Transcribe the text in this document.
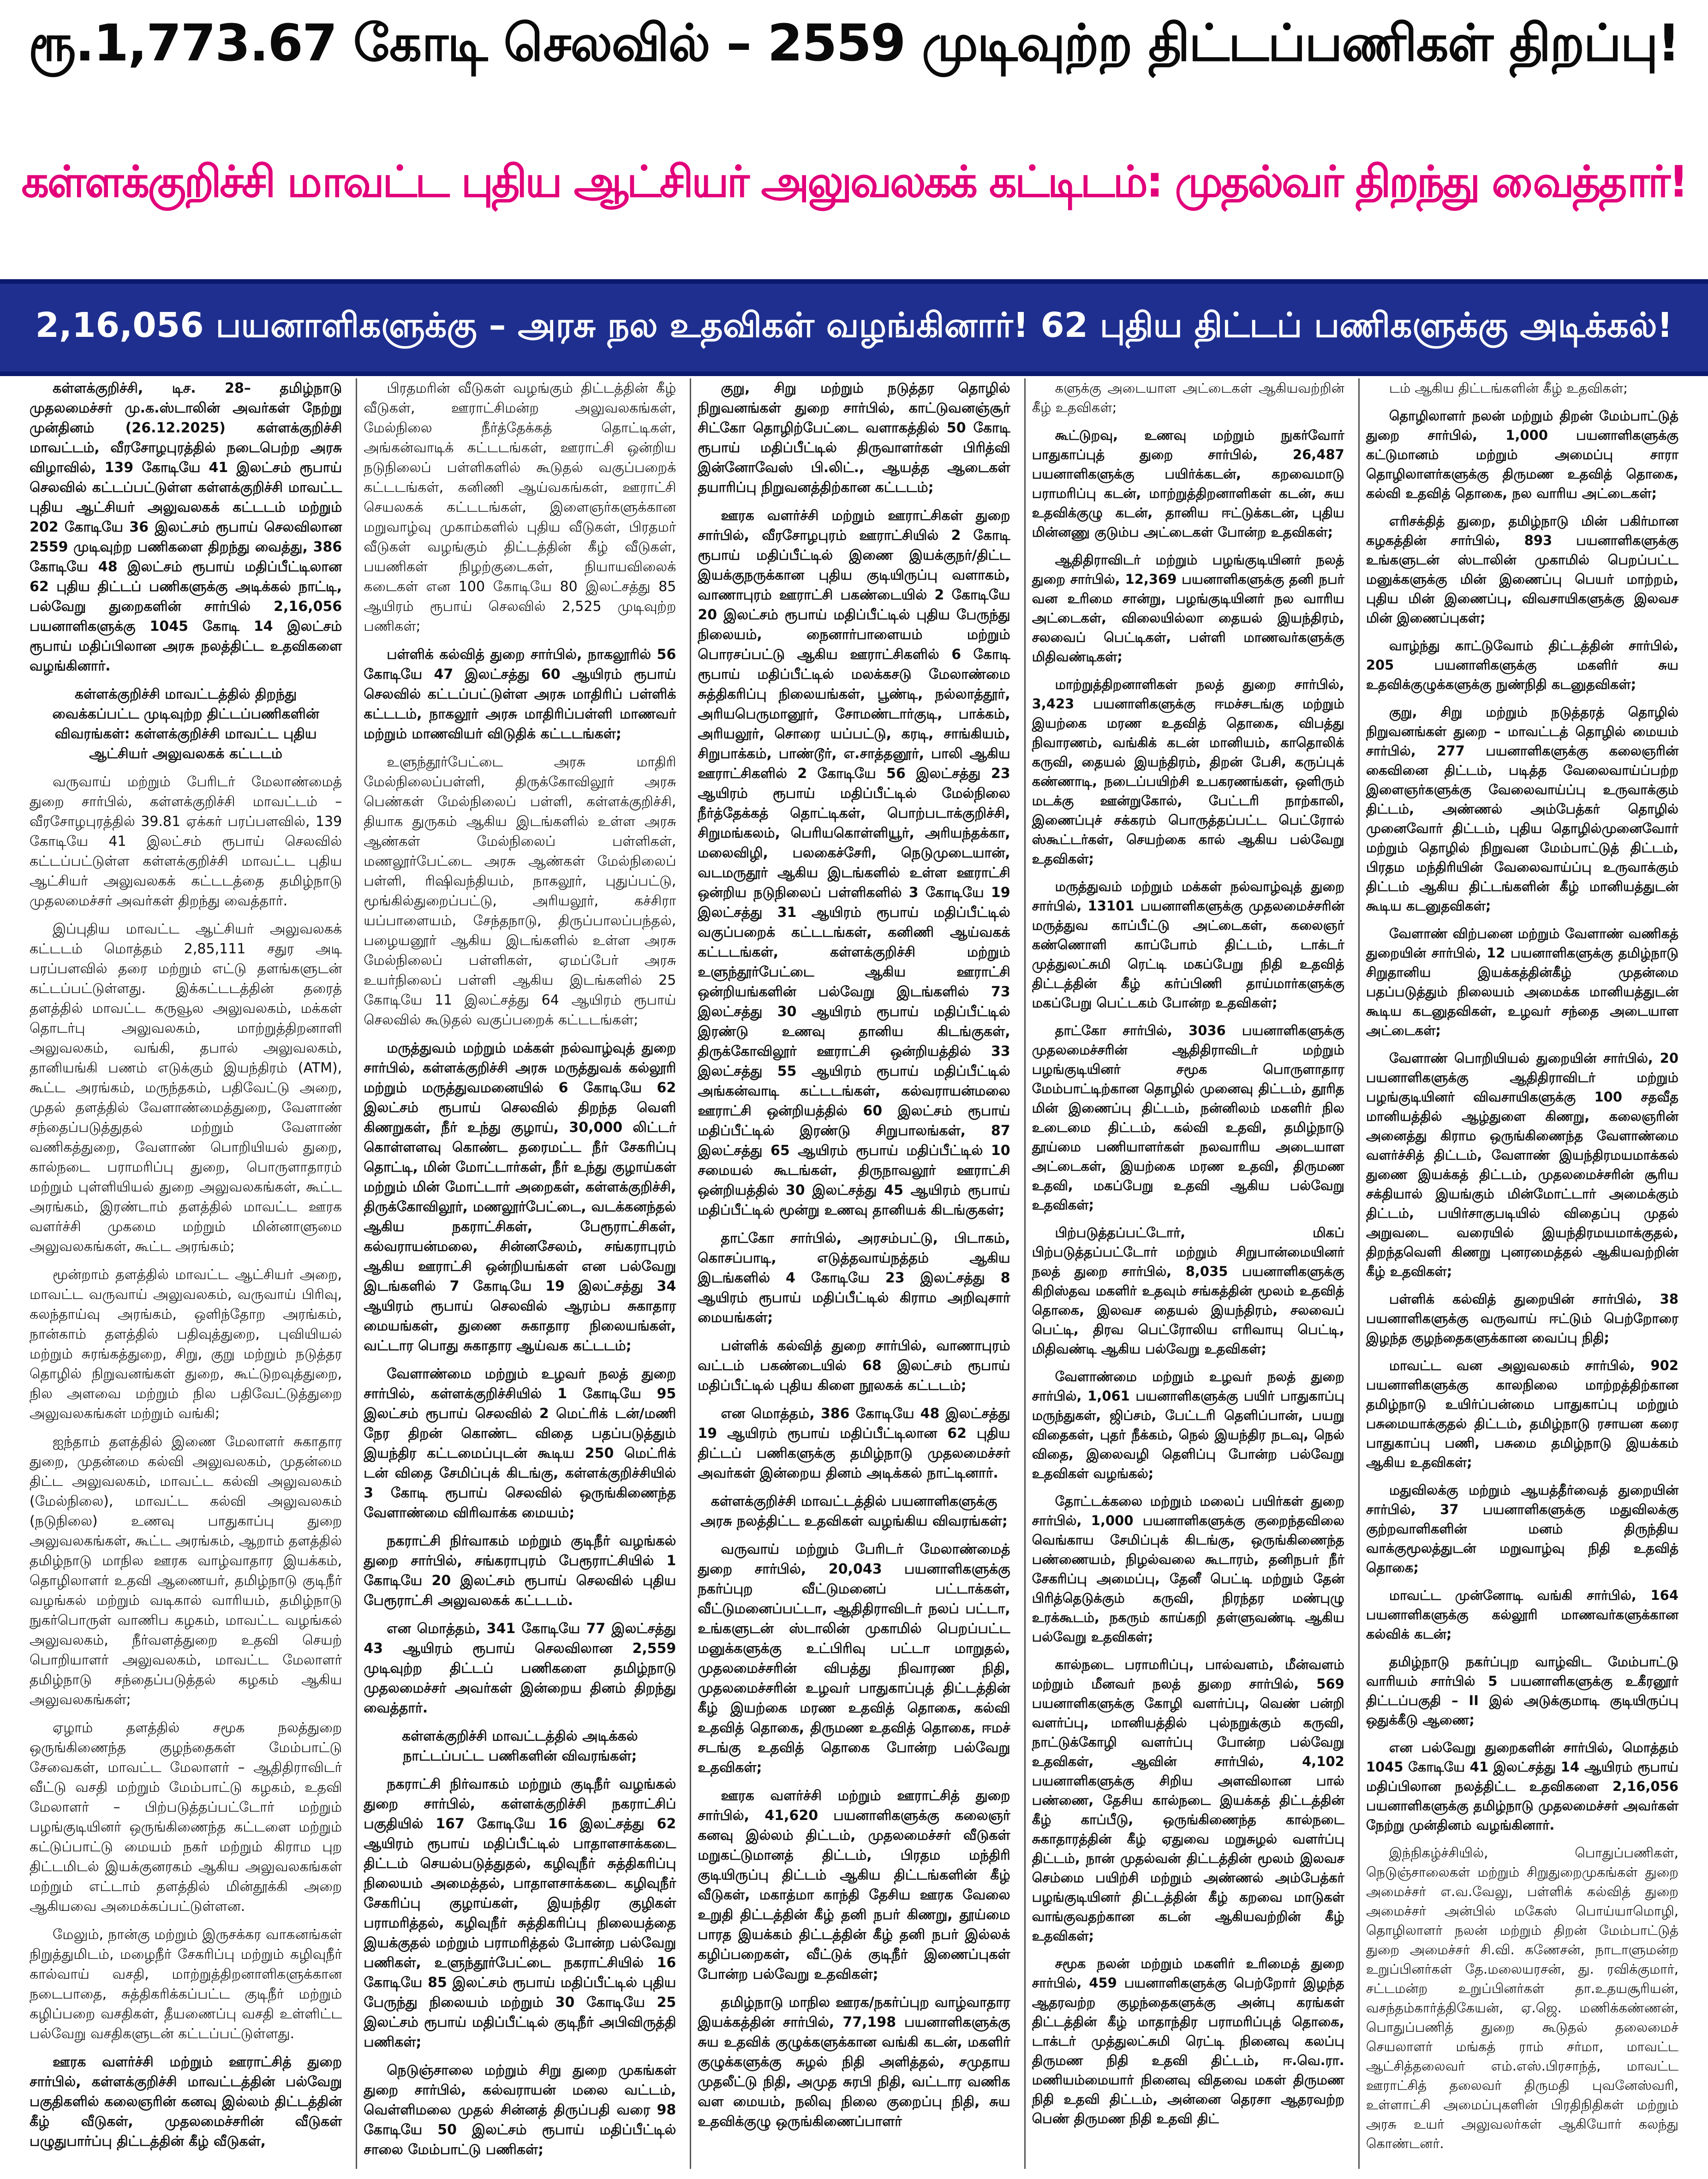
ரூ.1,773.67 கோடி செலவில் – 2559 முடிவுற்ற திட்டப்பணிகள் திறப்பு!
கள்ளக்குறிச்சி மாவட்ட புதிய ஆட்சியர் அலுவலகக் கட்டிடம்: முதல்வர் திறந்து வைத்தார்!
2,16,056 பயனாளிகளுக்கு – அரசு நல உதவிகள் வழங்கினார்! 62 புதிய திட்டப் பணிகளுக்கு அடிக்கல்!

கள்ளக்குறிச்சி, டிச. 28– தமிழ்நாடு முதலமைச்சர் மு.க.ஸ்டாலின் அவர்கள் நேற்று முன்தினம் (26.12.2025) கள்ளக்குறிச்சி மாவட்டம், வீரசோழபுரத்தில் நடைபெற்ற அரசு விழாவில், 139 கோடியே 41 இலட்சம் ரூபாய் செலவில் கட்டப்பட்டுள்ள கள்ளக்குறிச்சி மாவட்ட புதிய ஆட்சியர் அலுவலகக் கட்டடம் மற்றும் 202 கோடியே 36 இலட்சம் ரூபாய் செலவிலான 2559 முடிவுற்ற பணிகளை திறந்து வைத்து, 386 கோடியே 48 இலட்சம் ரூபாய் மதிப்பீட்டிலான 62 புதிய திட்டப் பணிகளுக்கு அடிக்கல் நாட்டி, பல்வேறு துறைகளின் சார்பில் 2,16,056 பயனாளிகளுக்கு 1045 கோடி 14 இலட்சம் ரூபாய் மதிப்பிலான அரசு நலத்திட்ட உதவிகளை வழங்கினார்.

கள்ளக்குறிச்சி மாவட்டத்தில் திறந்து வைக்கப்பட்ட முடிவுற்ற திட்டப்பணிகளின் விவரங்கள்: கள்ளக்குறிச்சி மாவட்ட புதிய ஆட்சியர் அலுவலகக் கட்டடம்

வருவாய் மற்றும் பேரிடர் மேலாண்மைத் துறை சார்பில், கள்ளக்குறிச்சி மாவட்டம் – வீரசோழபுரத்தில் 39.81 ஏக்கர் பரப்பளவில், 139 கோடியே 41 இலட்சம் ரூபாய் செலவில் கட்டப்பட்டுள்ள கள்ளக்குறிச்சி மாவட்ட புதிய ஆட்சியர் அலுவலகக் கட்டடத்தை தமிழ்நாடு முதலமைச்சர் அவர்கள் திறந்து வைத்தார்.

இப்புதிய மாவட்ட ஆட்சியர் அலுவலகக் கட்டடம் மொத்தம் 2,85,111 சதுர அடி பரப்பளவில் தரை மற்றும் எட்டு தளங்களுடன் கட்டப்பட்டுள்ளது. இக்கட்டடத்தின் தரைத் தளத்தில் மாவட்ட கருவூல அலுவலகம், மக்கள் தொடர்பு அலுவலகம், மாற்றுத்திறனாளி அலுவலகம், வங்கி, தபால் அலுவலகம், தானியங்கி பணம் எடுக்கும் இயந்திரம் (ATM), கூட்ட அரங்கம், மருந்தகம், பதிவேட்டு அறை, முதல் தளத்தில் வேளாண்மைத்துறை, வேளாண் சந்தைப்படுத்துதல் மற்றும் வேளாண் வணிகத்துறை, வேளாண் பொறியியல் துறை, கால்நடை பராமரிப்பு துறை, பொருளாதாரம் மற்றும் புள்ளியியல் துறை அலுவலகங்கள், கூட்ட அரங்கம், இரண்டாம் தளத்தில் மாவட்ட ஊரக வளர்ச்சி முகமை மற்றும் மின்னாளுமை அலுவலகங்கள், கூட்ட அரங்கம்;

மூன்றாம் தளத்தில் மாவட்ட ஆட்சியர் அறை, மாவட்ட வருவாய் அலுவலகம், வருவாய் பிரிவு, கலந்தாய்வு அரங்கம், ஒளிந்தோற அரங்கம், நான்காம் தளத்தில் பதிவுத்துறை, புவியியல் மற்றும் சுரங்கத்துறை, சிறு, குறு மற்றும் நடுத்தர தொழில் நிறுவனங்கள் துறை, கூட்டுறவுத்துறை, நில அளவை மற்றும் நில பதிவேட்டுத்துறை அலுவலகங்கள் மற்றும் வங்கி;

ஐந்தாம் தளத்தில் இணை மேலாளர் சுகாதார துறை, முதன்மை கல்வி அலுவலகம், முதன்மை திட்ட அலுவலகம், மாவட்ட கல்வி அலுவலகம் (மேல்நிலை), மாவட்ட கல்வி அலுவலகம் (நடுநிலை) உணவு பாதுகாப்பு துறை அலுவலகங்கள், கூட்ட அரங்கம், ஆறாம் தளத்தில் தமிழ்நாடு மாநில ஊரக வாழ்வாதார இயக்கம், தொழிலாளர் உதவி ஆணையர், தமிழ்நாடு குடிநீர் வழங்கல் மற்றும் வடிகால் வாரியம், தமிழ்நாடு நுகர்பொருள் வாணிப கழகம், மாவட்ட வழங்கல் அலுவலகம், நீர்வளத்துறை உதவி செயற் பொறியாளர் அலுவலகம், மாவட்ட மேலாளர் தமிழ்நாடு சந்தைப்படுத்தல் கழகம் ஆகிய அலுவலகங்கள்;

ஏழாம் தளத்தில் சமூக நலத்துறை ஒருங்கிணைந்த குழந்தைகள் மேம்பாட்டு சேவைகள், மாவட்ட மேலாளர் – ஆதிதிராவிடர் வீட்டு வசதி மற்றும் மேம்பாட்டு கழகம், உதவி மேலாளர் – பிற்படுத்தப்பட்டோர் மற்றும் பழங்குடியினர் ஒருங்கிணைந்த கட்டளை மற்றும் கட்டுப்பாட்டு மையம் நகர் மற்றும் கிராம புற திட்டமிடல் இயக்குனரகம் ஆகிய அலுவலகங்கள் மற்றும் எட்டாம் தளத்தில் மின்தூக்கி அறை ஆகியவை அமைக்கப்பட்டுள்ளன.

மேலும், நான்கு மற்றும் இருசக்கர வாகனங்கள் நிறுத்துமிடம், மழைநீர் சேகரிப்பு மற்றும் கழிவுநீர் கால்வாய் வசதி, மாற்றுத்திறனாளிகளுக்கான நடைபாதை, சுத்திகரிக்கப்பட்ட குடிநீர் மற்றும் கழிப்பறை வசதிகள், தீயணைப்பு வசதி உள்ளிட்ட பல்வேறு வசதிகளுடன் கட்டப்பட்டுள்ளது.

ஊரக வளர்ச்சி மற்றும் ஊராட்சித் துறை சார்பில், கள்ளக்குறிச்சி மாவட்டத்தின் பல்வேறு பகுதிகளில் கலைஞரின் கனவு இல்லம் திட்டத்தின் கீழ் வீடுகள், முதலமைச்சரின் வீடுகள் பழுதுபார்ப்பு திட்டத்தின் கீழ் வீடுகள்,

பிரதமரின் வீடுகள் வழங்கும் திட்டத்தின் கீழ் வீடுகள், ஊராட்சிமன்ற அலுவலகங்கள், மேல்நிலை நீர்த்தேக்கத் தொட்டிகள், அங்கன்வாடிக் கட்டடங்கள், ஊராட்சி ஒன்றிய நடுநிலைப் பள்ளிகளில் கூடுதல் வகுப்பறைக் கட்டடங்கள், கனிணி ஆய்வகங்கள், ஊராட்சி செயலகக் கட்டடங்கள், இளைஞர்களுக்கான மறுவாழ்வு முகாம்களில் புதிய வீடுகள், பிரதமர் வீடுகள் வழங்கும் திட்டத்தின் கீழ் வீடுகள், பயணிகள் நிழற்குடைகள், நியாயவிலைக் கடைகள் என 100 கோடியே 80 இலட்சத்து 85 ஆயிரம் ரூபாய் செலவில் 2,525 முடிவுற்ற பணிகள்;

பள்ளிக் கல்வித் துறை சார்பில், நாகலூரில் 56 கோடியே 47 இலட்சத்து 60 ஆயிரம் ரூபாய் செலவில் கட்டப்பட்டுள்ள அரசு மாதிரிப் பள்ளிக் கட்டடம், நாகலூர் அரசு மாதிரிப்பள்ளி மாணவர் மற்றும் மாணவியர் விடுதிக் கட்டடங்கள்;

உளுந்தூர்பேட்டை அரசு மாதிரி மேல்நிலைப்பள்ளி, திருக்கோவிலூர் அரசு பெண்கள் மேல்நிலைப் பள்ளி, கள்ளக்குறிச்சி, தியாக துருகம் ஆகிய இடங்களில் உள்ள அரசு ஆண்கள் மேல்நிலைப் பள்ளிகள், மணலூர்பேட்டை அரசு ஆண்கள் மேல்நிலைப் பள்ளி, ரிஷிவந்தியம், நாகலூர், புதுப்பட்டு, மூங்கில்துறைப்பட்டு, அரியலூர், கச்சிரா யப்பாளையம், சேந்தநாடு, திருப்பாலப்பந்தல், பழையனூர் ஆகிய இடங்களில் உள்ள அரசு மேல்நிலைப் பள்ளிகள், ஏமப்பேர் அரசு உயர்நிலைப் பள்ளி ஆகிய இடங்களில் 25 கோடியே 11 இலட்சத்து 64 ஆயிரம் ரூபாய் செலவில் கூடுதல் வகுப்பறைக் கட்டடங்கள்;

மருத்துவம் மற்றும் மக்கள் நல்வாழ்வுத் துறை சார்பில், கள்ளக்குறிச்சி அரசு மருத்துவக் கல்லூரி மற்றும் மருத்துவமனையில் 6 கோடியே 62 இலட்சம் ரூபாய் செலவில் திறந்த வெளி கிணறுகள், நீர் உந்து குழாய், 30,000 லிட்டர் கொள்ளளவு கொண்ட தரைமட்ட நீர் சேகரிப்பு தொட்டி, மின் மோட்டார்கள், நீர் உந்து குழாய்கள் மற்றும் மின் மோட்டார் அறைகள், கள்ளக்குறிச்சி, திருக்கோவிலூர், மணலூர்பேட்டை, வடக்கனந்தல் ஆகிய நகராட்சிகள், பேரூராட்சிகள், கல்வராயன்மலை, சின்னசேலம், சங்கராபுரம் ஆகிய ஊராட்சி ஒன்றியங்கள் என பல்வேறு இடங்களில் 7 கோடியே 19 இலட்சத்து 34 ஆயிரம் ரூபாய் செலவில் ஆரம்ப சுகாதார மையங்கள், துணை சுகாதார நிலையங்கள், வட்டார பொது சுகாதார ஆய்வக கட்டடம்;

வேளாண்மை மற்றும் உழவர் நலத் துறை சார்பில், கள்ளக்குறிச்சியில் 1 கோடியே 95 இலட்சம் ரூபாய் செலவில் 2 மெட்ரிக் டன்/மணி நேர திறன் கொண்ட விதை பதப்படுத்தும் இயந்திர கட்டமைப்புடன் கூடிய 250 மெட்ரிக் டன் விதை சேமிப்புக் கிடங்கு, கள்ளக்குறிச்சியில் 3 கோடி ரூபாய் செலவில் ஒருங்கிணைந்த வேளாண்மை விரிவாக்க மையம்;

நகராட்சி நிர்வாகம் மற்றும் குடிநீர் வழங்கல் துறை சார்பில், சங்கராபுரம் பேரூராட்சியில் 1 கோடியே 20 இலட்சம் ரூபாய் செலவில் புதிய பேரூராட்சி அலுவலகக் கட்டடம்.

என மொத்தம், 341 கோடியே 77 இலட்சத்து 43 ஆயிரம் ரூபாய் செலவிலான 2,559 முடிவுற்ற திட்டப் பணிகளை தமிழ்நாடு முதலமைச்சர் அவர்கள் இன்றைய தினம் திறந்து வைத்தார்.

கள்ளக்குறிச்சி மாவட்டத்தில் அடிக்கல் நாட்டப்பட்ட பணிகளின் விவரங்கள்;

நகராட்சி நிர்வாகம் மற்றும் குடிநீர் வழங்கல் துறை சார்பில், கள்ளக்குறிச்சி நகராட்சிப் பகுதியில் 167 கோடியே 16 இலட்சத்து 62 ஆயிரம் ரூபாய் மதிப்பீட்டில் பாதாளசாக்கடை திட்டம் செயல்படுத்துதல், கழிவுநீர் சுத்திகரிப்பு நிலையம் அமைத்தல், பாதாளசாக்கடை கழிவுநீர் சேகரிப்பு குழாய்கள், இயந்திர குழிகள் பராமரித்தல், கழிவுநீர் சுத்திகரிப்பு நிலையத்தை இயக்குதல் மற்றும் பராமரித்தல் போன்ற பல்வேறு பணிகள், உளுந்தூர்பேட்டை நகராட்சியில் 16 கோடியே 85 இலட்சம் ரூபாய் மதிப்பீட்டில் புதிய பேருந்து நிலையம் மற்றும் 30 கோடியே 25 இலட்சம் ரூபாய் மதிப்பீட்டில் குடிநீர் அபிவிருத்தி பணிகள்;

நெடுஞ்சாலை மற்றும் சிறு துறை முகங்கள் துறை சார்பில், கல்வராயன் மலை வட்டம், வெள்ளிமலை முதல் சின்னத் திருப்பதி வரை 98 கோடியே 50 இலட்சம் ரூபாய் மதிப்பீட்டில் சாலை மேம்பாட்டு பணிகள்;

குறு, சிறு மற்றும் நடுத்தர தொழில் நிறுவனங்கள் துறை சார்பில், காட்டுவனஞ்சூர் சிட்கோ தொழிற்பேட்டை வளாகத்தில் 50 கோடி ரூபாய் மதிப்பீட்டில் திருவாளர்கள் பிரித்வி இன்னோவேஸ் பி.லிட்., ஆயத்த ஆடைகள் தயாரிப்பு நிறுவனத்திற்கான கட்டடம்;

ஊரக வளர்ச்சி மற்றும் ஊராட்சிகள் துறை சார்பில், வீரசோழபுரம் ஊராட்சியில் 2 கோடி ரூபாய் மதிப்பீட்டில் இணை இயக்குநர்/திட்ட இயக்குநருக்கான புதிய குடியிருப்பு வளாகம், வாணாபுரம் ஊராட்சி பகண்டையில் 2 கோடியே 20 இலட்சம் ரூபாய் மதிப்பீட்டில் புதிய பேருந்து நிலையம், நைனார்பாளையம் மற்றும் பொரசப்பட்டு ஆகிய ஊராட்சிகளில் 6 கோடி ரூபாய் மதிப்பீட்டில் மலக்கசடு மேலாண்மை சுத்திகரிப்பு நிலையங்கள், பூண்டி, நல்லாத்தூர், அரியபெருமானூர், சோமண்டார்குடி, பாக்கம், அரியலூர், சொரை யப்பட்டு, கரடி, சாங்கியம், சிறுபாக்கம், பாண்டூர், எ.சாத்தனூர், பாலி ஆகிய ஊராட்சிகளில் 2 கோடியே 56 இலட்சத்து 23 ஆயிரம் ரூபாய் மதிப்பீட்டில் மேல்நிலை நீர்த்தேக்கத் தொட்டிகள், பொற்படாக்குறிச்சி, சிறுமங்கலம், பெரியகொள்ளியூர், அரியந்தக்கா, மலைவிழி, பலகைச்சேரி, நெடுமுடையான், வடமருதூர் ஆகிய இடங்களில் உள்ள ஊராட்சி ஒன்றிய நடுநிலைப் பள்ளிகளில் 3 கோடியே 19 இலட்சத்து 31 ஆயிரம் ரூபாய் மதிப்பீட்டில் வகுப்பறைக் கட்டடங்கள், கனிணி ஆய்வகக் கட்டடங்கள், கள்ளக்குறிச்சி மற்றும் உளுந்தூர்பேட்டை ஆகிய ஊராட்சி ஒன்றியங்களின் பல்வேறு இடங்களில் 73 இலட்சத்து 30 ஆயிரம் ரூபாய் மதிப்பீட்டில் இரண்டு உணவு தானிய கிடங்குகள், திருக்கோவிலூர் ஊராட்சி ஒன்றியத்தில் 33 இலட்சத்து 55 ஆயிரம் ரூபாய் மதிப்பீட்டில் அங்கன்வாடி கட்டடங்கள், கல்வராயன்மலை ஊராட்சி ஒன்றியத்தில் 60 இலட்சம் ரூபாய் மதிப்பீட்டில் இரண்டு சிறுபாலங்கள், 87 இலட்சத்து 65 ஆயிரம் ரூபாய் மதிப்பீட்டில் 10 சமையல் கூடங்கள், திருநாவலூர் ஊராட்சி ஒன்றியத்தில் 30 இலட்சத்து 45 ஆயிரம் ரூபாய் மதிப்பீட்டில் மூன்று உணவு தானியக் கிடங்குகள்;

தாட்கோ சார்பில், அரசம்பட்டு, பிடாகம், கொசப்பாடி, எடுத்தவாய்நத்தம் ஆகிய இடங்களில் 4 கோடியே 23 இலட்சத்து 8 ஆயிரம் ரூபாய் மதிப்பீட்டில் கிராம அறிவுசார் மையங்கள்;

பள்ளிக் கல்வித் துறை சார்பில், வாணாபுரம் வட்டம் பகண்டையில் 68 இலட்சம் ரூபாய் மதிப்பீட்டில் புதிய கிளை நூலகக் கட்டடம்;

என மொத்தம், 386 கோடியே 48 இலட்சத்து 19 ஆயிரம் ரூபாய் மதிப்பீட்டிலான 62 புதிய திட்டப் பணிகளுக்கு தமிழ்நாடு முதலமைச்சர் அவர்கள் இன்றைய தினம் அடிக்கல் நாட்டினார்.

கள்ளக்குறிச்சி மாவட்டத்தில் பயனாளிகளுக்கு அரசு நலத்திட்ட உதவிகள் வழங்கிய விவரங்கள்;

வருவாய் மற்றும் பேரிடர் மேலாண்மைத் துறை சார்பில், 20,043 பயனாளிகளுக்கு நகர்ப்புற வீட்டுமனைப் பட்டாக்கள், வீட்டுமனைப்பட்டா, ஆதிதிராவிடர் நலப் பட்டா, உங்களுடன் ஸ்டாலின் முகாமில் பெறப்பட்ட மனுக்களுக்கு உட்பிரிவு பட்டா மாறுதல், முதலமைச்சரின் விபத்து நிவாரண நிதி, முதலமைச்சரின் உழவர் பாதுகாப்புத் திட்டத்தின் கீழ் இயற்கை மரண உதவித் தொகை, கல்வி உதவித் தொகை, திருமண உதவித் தொகை, ஈமச் சடங்கு உதவித் தொகை போன்ற பல்வேறு உதவிகள்;

ஊரக வளர்ச்சி மற்றும் ஊராட்சித் துறை சார்பில், 41,620 பயனாளிகளுக்கு கலைஞர் கனவு இல்லம் திட்டம், முதலமைச்சர் வீடுகள் மறுகட்டுமானத் திட்டம், பிரதம மந்திரி குடியிருப்பு திட்டம் ஆகிய திட்டங்களின் கீழ் வீடுகள், மகாத்மா காந்தி தேசிய ஊரக வேலை உறுதி திட்டத்தின் கீழ் தனி நபர் கிணறு, தூய்மை பாரத இயக்கம் திட்டத்தின் கீழ் தனி நபர் இல்லக் கழிப்பறைகள், வீட்டுக் குடிநீர் இணைப்புகள் போன்ற பல்வேறு உதவிகள்;

தமிழ்நாடு மாநில ஊரக/நகர்ப்புற வாழ்வாதார இயக்கத்தின் சார்பில், 77,198 பயனாளிகளுக்கு சுய உதவிக் குழுக்களுக்கான வங்கி கடன், மகளிர் குழுக்களுக்கு சுழல் நிதி அளித்தல், சமுதாய முதலீட்டு நிதி, அமுத சுரபி நிதி, வட்டார வணிக வள மையம், நலிவு நிலை குறைப்பு நிதி, சுய உதவிக்குழு ஒருங்கிணைப்பாளர்

களுக்கு அடையாள அட்டைகள் ஆகியவற்றின் கீழ் உதவிகள்;

கூட்டுறவு, உணவு மற்றும் நுகர்வோர் பாதுகாப்புத் துறை சார்பில், 26,487 பயனாளிகளுக்கு பயிர்க்கடன், கறவைமாடு பராமரிப்பு கடன், மாற்றுத்திறனாளிகள் கடன், சுய உதவிக்குழு கடன், தானிய ஈட்டுக்கடன், புதிய மின்னணு குடும்ப அட்டைகள் போன்ற உதவிகள்;

ஆதிதிராவிடர் மற்றும் பழங்குடியினர் நலத் துறை சார்பில், 12,369 பயனாளிகளுக்கு தனி நபர் வன உரிமை சான்று, பழங்குடியினர் நல வாரிய அட்டைகள், விலையில்லா தையல் இயந்திரம், சலவைப் பெட்டிகள், பள்ளி மாணவர்களுக்கு மிதிவண்டிகள்;

மாற்றுத்திறனாளிகள் நலத் துறை சார்பில், 3,423 பயனாளிகளுக்கு ஈமச்சடங்கு மற்றும் இயற்கை மரண உதவித் தொகை, விபத்து நிவாரணம், வங்கிக் கடன் மானியம், காதொலிக் கருவி, தையல் இயந்திரம், திறன் பேசி, கருப்புக் கண்ணாடி, நடைப்பயிற்சி உபகரணங்கள், ஒளிரும் மடக்கு ஊன்றுகோல், பேட்டரி நாற்காலி, இணைப்புச் சக்கரம் பொருத்தப்பட்ட பெட்ரோல் ஸ்கூட்டர்கள், செயற்கை கால் ஆகிய பல்வேறு உதவிகள்;

மருத்துவம் மற்றும் மக்கள் நல்வாழ்வுத் துறை சார்பில், 13101 பயனாளிகளுக்கு முதலமைச்சரின் மருத்துவ காப்பீட்டு அட்டைகள், கலைஞர் கண்ணொளி காப்போம் திட்டம், டாக்டர் முத்துலட்சுமி ரெட்டி மகப்பேறு நிதி உதவித் திட்டத்தின் கீழ் கர்ப்பிணி தாய்மார்களுக்கு மகப்பேறு பெட்டகம் போன்ற உதவிகள்;

தாட்கோ சார்பில், 3036 பயனாளிகளுக்கு முதலமைச்சரின் ஆதிதிராவிடர் மற்றும் பழங்குடியினர் சமூக பொருளாதார மேம்பாட்டிற்கான தொழில் முனைவு திட்டம், தூரித மின் இணைப்பு திட்டம், நன்னிலம் மகளிர் நில உடைமை திட்டம், கல்வி உதவி, தமிழ்நாடு தூய்மை பணியாளர்கள் நலவாரிய அடையாள அட்டைகள், இயற்கை மரண உதவி, திருமண உதவி, மகப்பேறு உதவி ஆகிய பல்வேறு உதவிகள்;

பிற்படுத்தப்பட்டோர், மிகப் பிற்படுத்தப்பட்டோர் மற்றும் சிறுபான்மையினர் நலத் துறை சார்பில், 8,035 பயனாளிகளுக்கு கிறிஸ்தவ மகளிர் உதவும் சங்கத்தின் மூலம் உதவித் தொகை, இலவச தையல் இயந்திரம், சலவைப் பெட்டி, திரவ பெட்ரோலிய எரிவாயு பெட்டி, மிதிவண்டி ஆகிய பல்வேறு உதவிகள்;

வேளாண்மை மற்றும் உழவர் நலத் துறை சார்பில், 1,061 பயனாளிகளுக்கு பயிர் பாதுகாப்பு மருந்துகள், ஜிப்சம், பேட்டரி தெளிப்பான், பயறு விதைகள், புதர் நீக்கம், நெல் இயந்திர நடவு, நெல் விதை, இலைவழி தெளிப்பு போன்ற பல்வேறு உதவிகள் வழங்கல்;

தோட்டக்கலை மற்றும் மலைப் பயிர்கள் துறை சார்பில், 1,000 பயனாளிகளுக்கு குறைந்தவிலை வெங்காய சேமிப்புக் கிடங்கு, ஒருங்கிணைந்த பண்ணையம், நிழல்வலை கூடாரம், தனிநபர் நீர் சேகரிப்பு அமைப்பு, தேனீ பெட்டி மற்றும் தேன் பிரித்தெடுக்கும் கருவி, நிரந்தர மண்புழு உரக்கூடம், நகரும் காய்கறி தள்ளுவண்டி ஆகிய பல்வேறு உதவிகள்;

கால்நடை பராமரிப்பு, பால்வளம், மீன்வளம் மற்றும் மீனவர் நலத் துறை சார்பில், 569 பயனாளிகளுக்கு கோழி வளர்ப்பு, வெண் பன்றி வளர்ப்பு, மானியத்தில் புல்நறுக்கும் கருவி, நாட்டுக்கோழி வளர்ப்பு போன்ற பல்வேறு உதவிகள், ஆவின் சார்பில், 4,102 பயனாளிகளுக்கு சிறிய அளவிலான பால் பண்ணை, தேசிய கால்நடை இயக்கத் திட்டத்தின் கீழ் காப்பீடு, ஒருங்கிணைந்த கால்நடை சுகாதாரத்தின் கீழ் ஏதுவை மறுசுழல் வளர்ப்பு திட்டம், நான் முதல்வன் திட்டத்தின் மூலம் இலவச செம்மை பயிற்சி மற்றும் அண்ணல் அம்பேத்கர் பழங்குடியினர் திட்டத்தின் கீழ் கறவை மாடுகள் வாங்குவதற்கான கடன் ஆகியவற்றின் கீழ் உதவிகள்;

சமூக நலன் மற்றும் மகளிர் உரிமைத் துறை சார்பில், 459 பயனாளிகளுக்கு பெற்றோர் இழந்த ஆதரவற்ற குழந்தைகளுக்கு அன்பு கரங்கள் திட்டத்தின் கீழ் மாதாந்திர பராமரிப்புத் தொகை, டாக்டர் முத்துலட்சுமி ரெட்டி நினைவு கலப்பு திருமண நிதி உதவி திட்டம், ஈ.வெ.ரா. மணியம்மையார் நினைவு விதவை மகள் திருமண நிதி உதவி திட்டம், அன்னை தெரசா ஆதரவற்ற பெண் திருமண நிதி உதவி திட்

டம் ஆகிய திட்டங்களின் கீழ் உதவிகள்;

தொழிலாளர் நலன் மற்றும் திறன் மேம்பாட்டுத் துறை சார்பில், 1,000 பயனாளிகளுக்கு கட்டுமானம் மற்றும் அமைப்பு சாரா தொழிலாளர்களுக்கு திருமண உதவித் தொகை, கல்வி உதவித் தொகை, நல வாரிய அட்டைகள்;

எரிசக்தித் துறை, தமிழ்நாடு மின் பகிர்மான கழகத்தின் சார்பில், 893 பயனாளிகளுக்கு உங்களுடன் ஸ்டாலின் முகாமில் பெறப்பட்ட மனுக்களுக்கு மின் இணைப்பு பெயர் மாற்றம், புதிய மின் இணைப்பு, விவசாயிகளுக்கு இலவச மின் இணைப்புகள்;

வாழ்ந்து காட்டுவோம் திட்டத்தின் சார்பில், 205 பயனாளிகளுக்கு மகளிர் சுய உதவிக்குழுக்களுக்கு நுண்நிதி கடனுதவிகள்;

குறு, சிறு மற்றும் நடுத்தரத் தொழில் நிறுவனங்கள் துறை – மாவட்டத் தொழில் மையம் சார்பில், 277 பயனாளிகளுக்கு கலைஞரின் கைவினை திட்டம், படித்த வேலைவாய்ப்பற்ற இளைஞர்களுக்கு வேலைவாய்ப்பு உருவாக்கும் திட்டம், அண்ணல் அம்பேத்கர் தொழில் முனைவோர் திட்டம், புதிய தொழில்முனைவோர் மற்றும் தொழில் நிறுவன மேம்பாட்டுத் திட்டம், பிரதம மந்திரியின் வேலைவாய்ப்பு உருவாக்கும் திட்டம் ஆகிய திட்டங்களின் கீழ் மானியத்துடன் கூடிய கடனுதவிகள்;

வேளாண் விற்பனை மற்றும் வேளாண் வணிகத் துறையின் சார்பில், 12 பயனாளிகளுக்கு தமிழ்நாடு சிறுதானிய இயக்கத்தின்கீழ் முதன்மை பதப்படுத்தும் நிலையம் அமைக்க மானியத்துடன் கூடிய கடனுதவிகள், உழவர் சந்தை அடையாள அட்டைகள்;

வேளாண் பொறியியல் துறையின் சார்பில், 20 பயனாளிகளுக்கு ஆதிதிராவிடர் மற்றும் பழங்குடியினர் விவசாயிகளுக்கு 100 சதவீத மானியத்தில் ஆழ்துளை கிணறு, கலைஞரின் அனைத்து கிராம ஒருங்கிணைந்த வேளாண்மை வளர்ச்சித் திட்டம், வேளாண் இயந்திரமயமாக்கல் துணை இயக்கத் திட்டம், முதலமைச்சரின் சூரிய சக்தியால் இயங்கும் மின்மோட்டார் அமைக்கும் திட்டம், பயிர்சாகுபடியில் விதைப்பு முதல் அறுவடை வரையில் இயந்திரமயமாக்குதல், திறந்தவெளி கிணறு புனரமைத்தல் ஆகியவற்றின் கீழ் உதவிகள்;

பள்ளிக் கல்வித் துறையின் சார்பில், 38 பயனாளிகளுக்கு வருவாய் ஈட்டும் பெற்றோரை இழந்த குழந்தைகளுக்கான வைப்பு நிதி;

மாவட்ட வன அலுவலகம் சார்பில், 902 பயனாளிகளுக்கு காலநிலை மாற்றத்திற்கான தமிழ்நாடு உயிர்ப்பன்மை பாதுகாப்பு மற்றும் பசுமையாக்குதல் திட்டம், தமிழ்நாடு ரசாயன கரை பாதுகாப்பு பணி, பசுமை தமிழ்நாடு இயக்கம் ஆகிய உதவிகள்;

மதுவிலக்கு மற்றும் ஆயத்தீர்வைத் துறையின் சார்பில், 37 பயனாளிகளுக்கு மதுவிலக்கு குற்றவாளிகளின் மனம் திருந்திய வாக்குமூலத்துடன் மறுவாழ்வு நிதி உதவித் தொகை;

மாவட்ட முன்னோடி வங்கி சார்பில், 164 பயனாளிகளுக்கு கல்லூரி மாணவர்களுக்கான கல்விக் கடன்;

தமிழ்நாடு நகர்ப்புற வாழ்விட மேம்பாட்டு வாரியம் சார்பில் 5 பயனாளிகளுக்கு உகீரனூர் திட்டப்பகுதி – II இல் அடுக்குமாடி குடியிருப்பு ஒதுக்கீடு ஆணை;

என பல்வேறு துறைகளின் சார்பில், மொத்தம் 1045 கோடியே 41 இலட்சத்து 14 ஆயிரம் ரூபாய் மதிப்பிலான நலத்திட்ட உதவிகளை 2,16,056 பயனாளிகளுக்கு தமிழ்நாடு முதலமைச்சர் அவர்கள் நேற்று முன்தினம் வழங்கினார்.

இந்நிகழ்ச்சியில், பொதுப்பணிகள், நெடுஞ்சாலைகள் மற்றும் சிறுதுறைமுகங்கள் துறை அமைச்சர் எ.வ.வேலு, பள்ளிக் கல்வித் துறை அமைச்சர் அன்பில் மகேஸ் பொய்யாமொழி, தொழிலாளர் நலன் மற்றும் திறன் மேம்பாட்டுத் துறை அமைச்சர் சி.வி. கணேசன், நாடாளுமன்ற உறுப்பினர்கள் தே.மலையரசன், து. ரவிக்குமார், சட்டமன்ற உறுப்பினர்கள் தா.உதயசூரியன், வசந்தம்கார்த்திகேயன், ஏ.ஜெ. மணிக்கண்ணன், பொதுப்பணித் துறை கூடுதல் தலைமைச் செயலாளர் மங்கத் ராம் சர்மா, மாவட்ட ஆட்சித்தலைவர் எம்.எஸ்.பிரசாந்த், மாவட்ட ஊராட்சித் தலைவர் திருமதி புவனேஸ்வரி, உள்ளாட்சி அமைப்புகளின் பிரதிநிதிகள் மற்றும் அரசு உயர் அலுவலர்கள் ஆகியோர் கலந்து கொண்டனர்.
